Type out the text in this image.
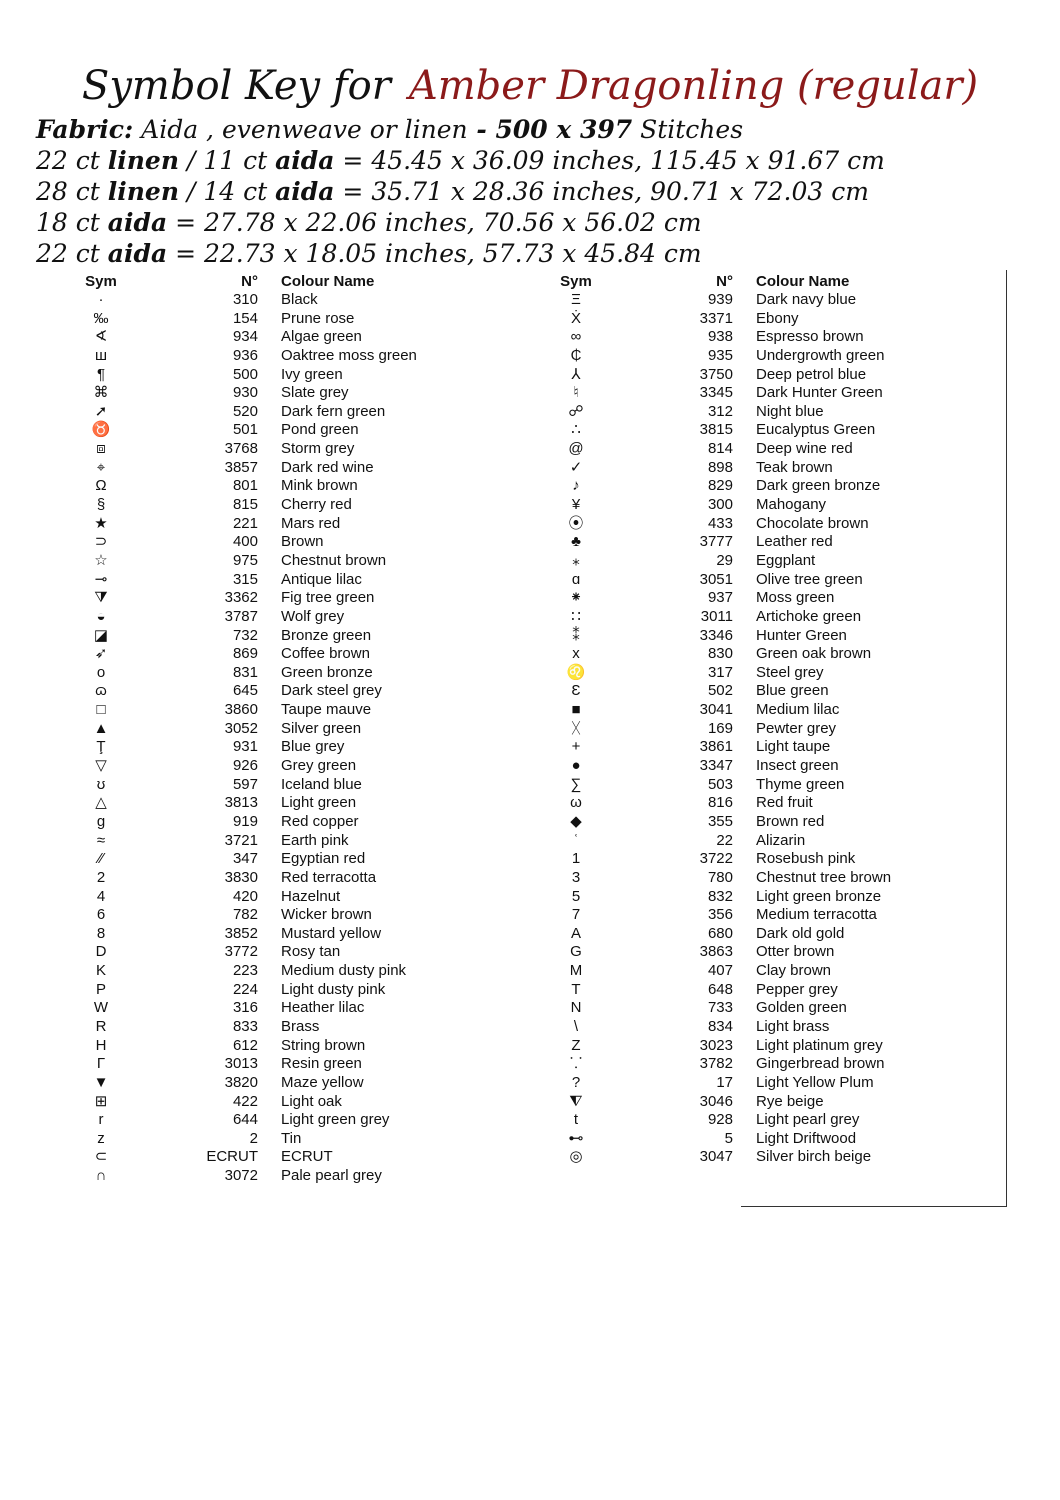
Symbol Key for Amber Dragonling (regular)
Fabric: Aida , evenweave or linen - 500 x 397 Stitches
22 ct linen / 11 ct aida = 45.45 x 36.09 inches, 115.45 x 91.67 cm
28 ct linen / 14 ct aida = 35.71 x 28.36 inches, 90.71 x 72.03 cm
18 ct aida = 27.78 x 22.06 inches, 70.56 x 56.02 cm
22 ct aida = 22.73 x 18.05 inches, 57.73 x 45.84 cm
Sym	N° Colour Name
·	310 Black
‰	154 Prune rose
∢	934 Algae green
ш	936 Oaktree moss green
¶	500 Ivy green
⌘	930 Slate grey
➚	520 Dark fern green
♉	501 Pond green
⧈	3768 Storm grey
⌖	3857 Dark red wine
Ω	801 Mink brown
§	815 Cherry red
★	221 Mars red
⊃	400 Brown
☆	975 Chestnut brown
⊸	315 Antique lilac
⧩	3362 Fig tree green
◒	3787 Wolf grey
◪	732 Bronze green
➶	869 Coffee brown
o	831 Green bronze
ɷ	645 Dark steel grey
□	3860 Taupe mauve
▲	3052 Silver green
Ţ	931 Blue grey
▽	926 Grey green
ʊ	597 Iceland blue
△	3813 Light green
g	919 Red copper
≈	3721 Earth pink
⁄⁄	347 Egyptian red
2	3830 Red terracotta
4	420 Hazelnut
6	782 Wicker brown
8	3852 Mustard yellow
D	3772 Rosy tan
K	223 Medium dusty pink
P	224 Light dusty pink
W	316 Heather lilac
R	833 Brass
H	612 String brown
Γ	3013 Resin green
▼	3820 Maze yellow
⊞	422 Light oak
r	644 Light green grey
z	2 Tin
⊂	ECRUT ECRUT
∩	3072 Pale pearl grey
Sym	N° Colour Name
Ξ	939 Dark navy blue
Ẋ	3371 Ebony
∞	938 Espresso brown
₵	935 Undergrowth green
⅄	3750 Deep petrol blue
♮	3345 Dark Hunter Green
☍	312 Night blue
∴	3815 Eucalyptus Green
@	814 Deep wine red
✓	898 Teak brown
♪	829 Dark green bronze
¥	300 Mahogany
⦿	433 Chocolate brown
♣	3777 Leather red
⁎	29 Eggplant
ɑ	3051 Olive tree green
⁕	937 Moss green
∷	3011 Artichoke green
⁑	3346 Hunter Green
x	830 Green oak brown
♌	317 Steel grey
Ɛ	502 Blue green
■	3041 Medium lilac
ᚷ	169 Pewter grey
+	3861 Light taupe
●	3347 Insect green
∑	503 Thyme green
ω	816 Red fruit
◆	355 Brown red
ʿ	22 Alizarin
1	3722 Rosebush pink
3	780 Chestnut tree brown
5	832 Light green bronze
7	356 Medium terracotta
A	680 Dark old gold
G	3863 Otter brown
M	407 Clay brown
T	648 Pepper grey
N	733 Golden green
\	834 Light brass
Z	3023 Light platinum grey
⸪	3782 Gingerbread brown
?	17 Light Yellow Plum
⧨	3046 Rye beige
t	928 Light pearl grey
⊷	5 Light Driftwood
◎	3047 Silver birch beige
